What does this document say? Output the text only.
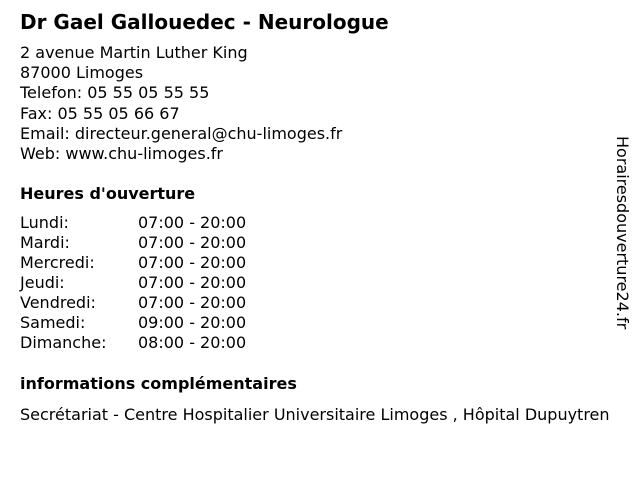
Dr Gael Gallouedec - Neurologue
2 avenue Martin Luther King
87000 Limoges
Telefon: 05 55 05 55 55
Fax: 05 55 05 66 67
Email: directeur.general@chu-limoges.fr
Web: www.chu-limoges.fr
Heures d'ouverture
Lundi:	07:00 - 20:00
Mardi:	07:00 - 20:00
Mercredi:	07:00 - 20:00
Jeudi:	07:00 - 20:00
Vendredi:	07:00 - 20:00
Samedi:	09:00 - 20:00
Dimanche:	08:00 - 20:00
informations complémentaires
Secrétariat - Centre Hospitalier Universitaire Limoges , Hôpital Dupuytren
Horairesdouverture24.fr
